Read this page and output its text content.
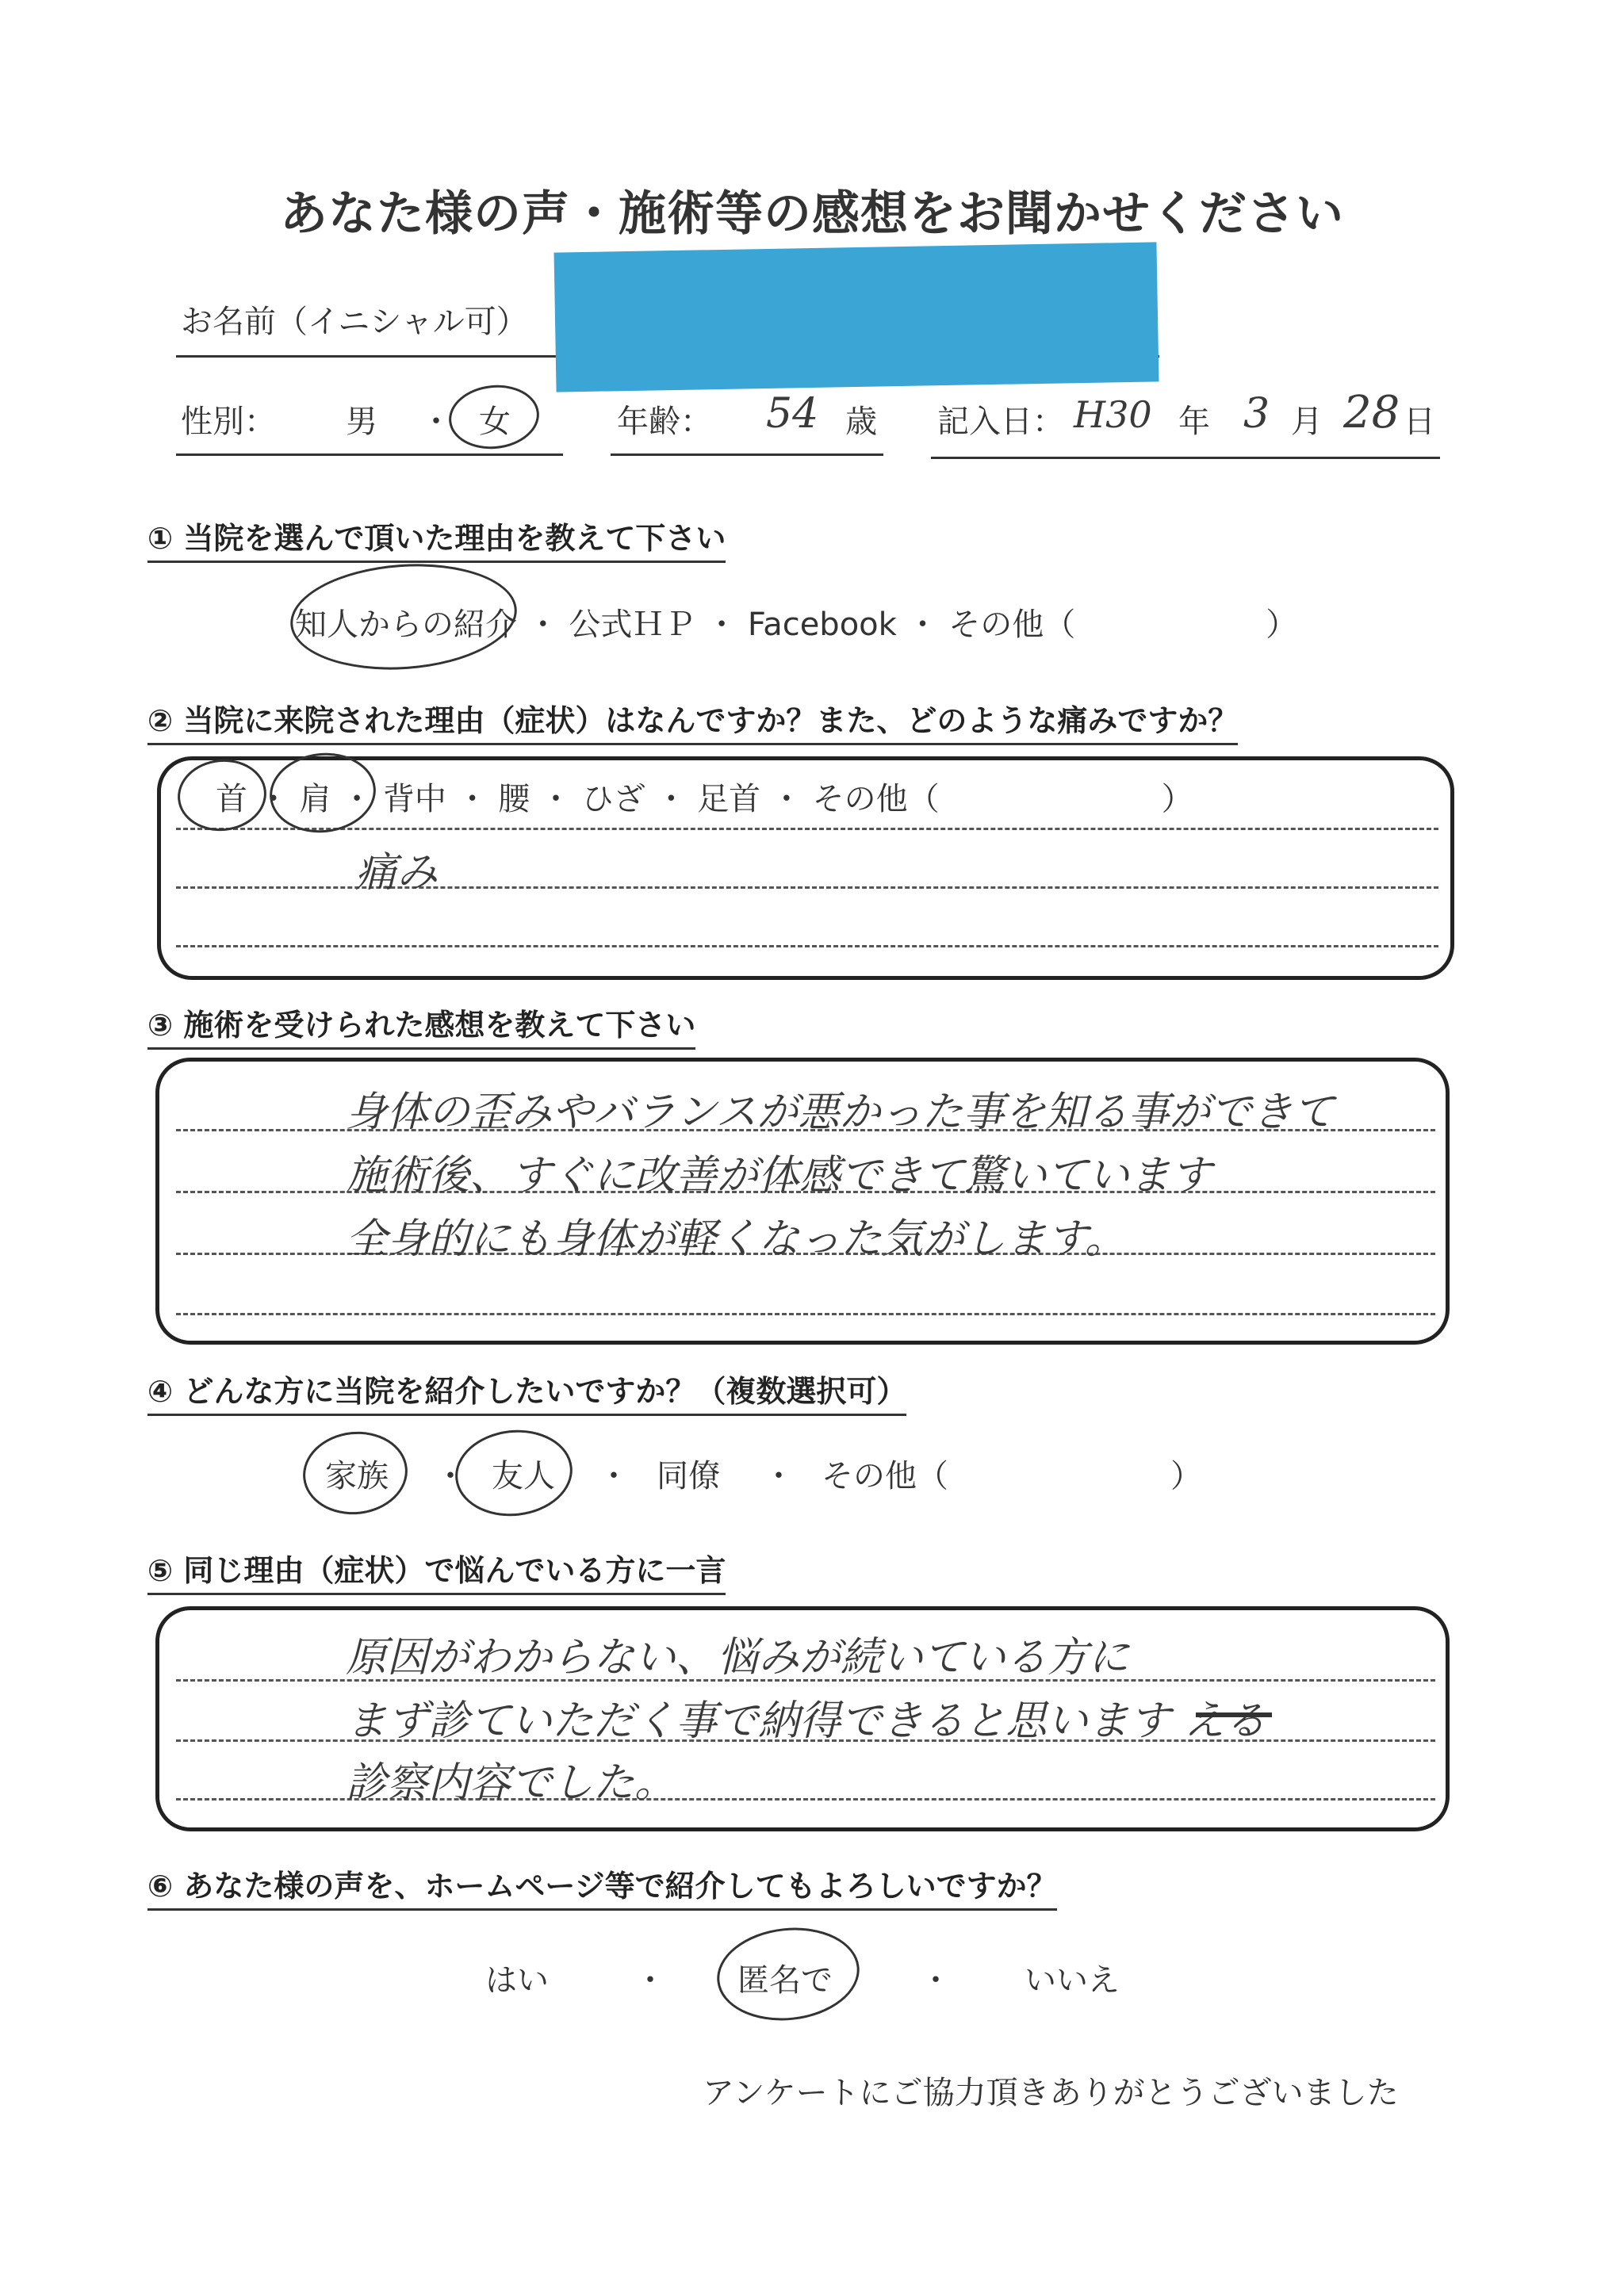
あなた様の声・施術等の感想をお聞かせください
お名前（イニシャル可）
性別： 男 ・ 女	年齢： 54 歳 記入日： H30 年 3 月 28 日
① 当院を選んで頂いた理由を教えて下さい
知人からの紹介 ・ 公式ＨＰ ・ Facebook ・ その他（　　　　　　）
② 当院に来院された理由（症状）はなんですか？また、どのような痛みですか？
首 ・ 肩 ・ 背中 ・ 腰 ・ ひざ ・ 足首 ・ その他（　　　　　　　）
痛み
③ 施術を受けられた感想を教えて下さい
身体の歪みやバランスが悪かった事を知る事ができて
施術後、すぐに改善が体感できて驚いています
全身的にも身体が軽くなった気がします。
④ どんな方に当院を紹介したいですか？（複数選択可）
家族 ・ 友人 ・ 同僚 ・ その他（　　　　　　　）
⑤ 同じ理由（症状）で悩んでいる方に一言
原因がわからない、悩みが続いている方に
まず診ていただく事で納得できると思います える
診察内容でした。
⑥ あなた様の声を、ホームページ等で紹介してもよろしいですか？
はい	・ 匿名で	・ いいえ
アンケートにご協力頂きありがとうございました
